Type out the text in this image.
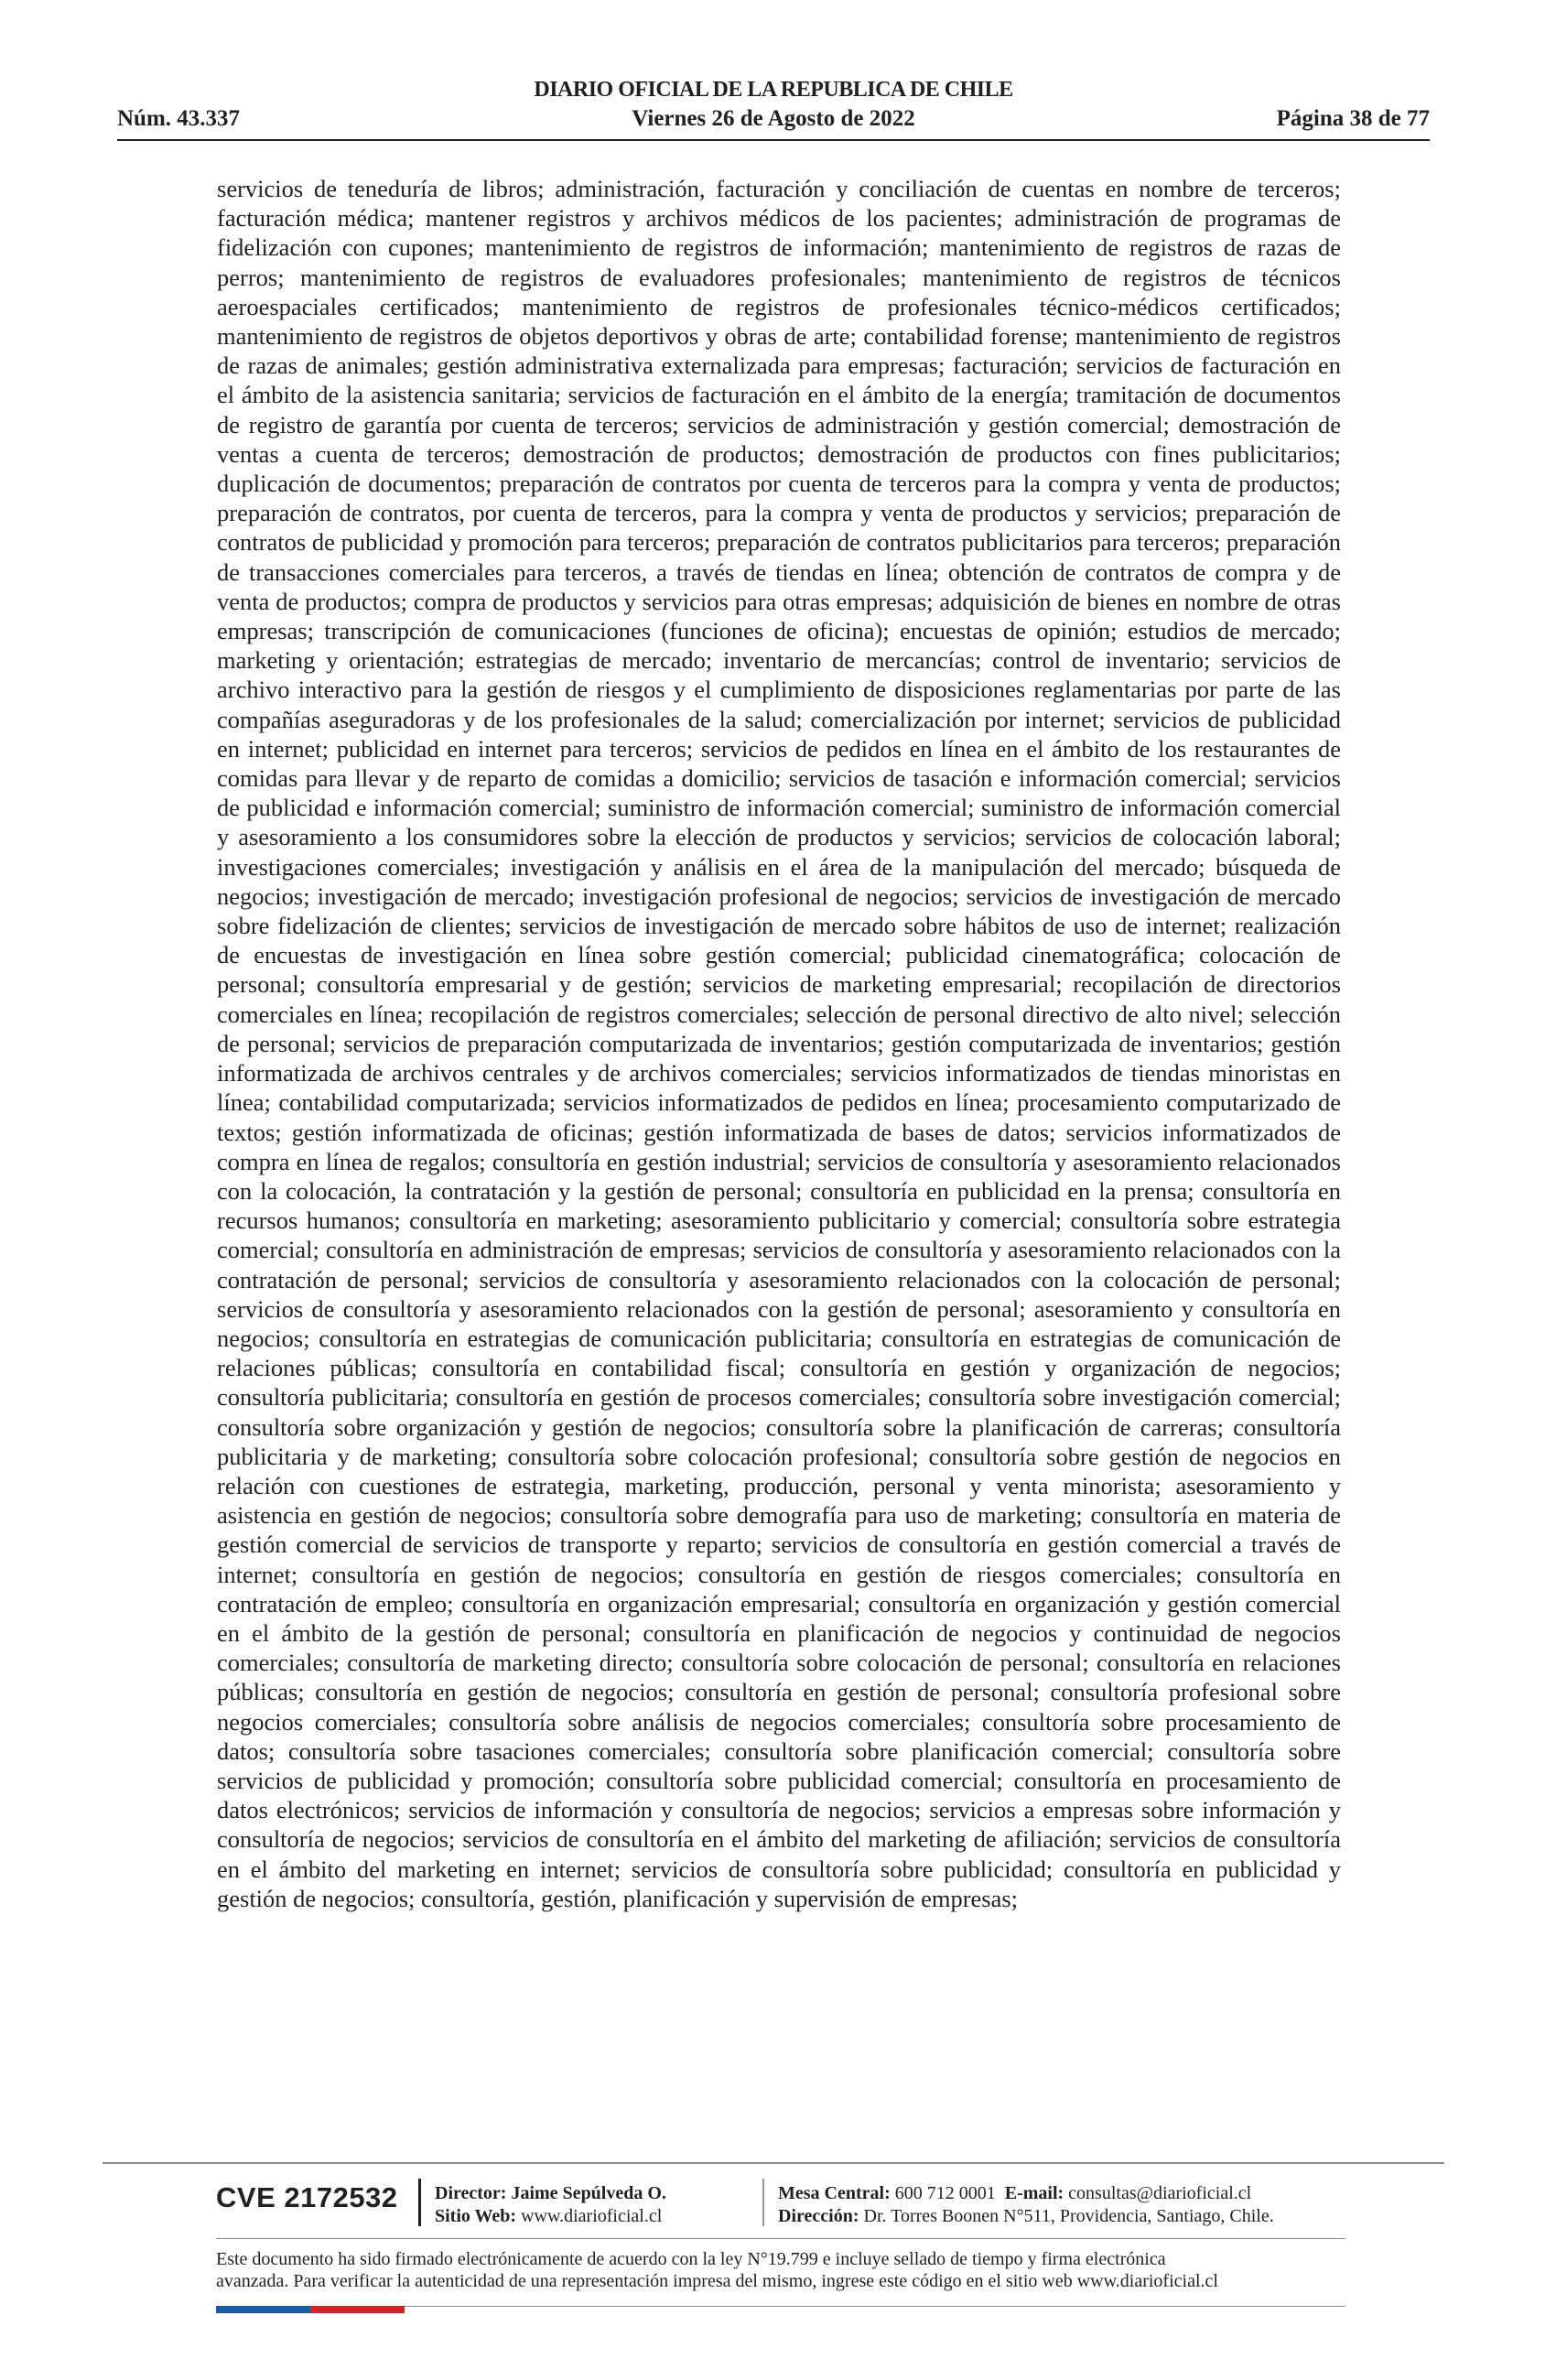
Núm. 43.337
DIARIO OFICIAL DE LA REPUBLICA DE CHILE
Viernes 26 de Agosto de 2022	Página 38 de 77
servicios de teneduría de libros; administración, facturación y conciliación de cuentas en nombre de terceros; facturación médica; mantener registros y archivos médicos de los pacientes; administración de programas de fidelización con cupones; mantenimiento de registros de información; mantenimiento de registros de razas de perros; mantenimiento de registros de evaluadores profesionales; mantenimiento de registros de técnicos aeroespaciales certificados; mantenimiento de registros de profesionales técnico-médicos certificados; mantenimiento de registros de objetos deportivos y obras de arte; contabilidad forense; mantenimiento de registros de razas de animales; gestión administrativa externalizada para empresas; facturación; servicios de facturación en el ámbito de la asistencia sanitaria; servicios de facturación en el ámbito de la energía; tramitación de documentos de registro de garantía por cuenta de terceros; servicios de administración y gestión comercial; demostración de ventas a cuenta de terceros; demostración de productos; demostración de productos con fines publicitarios; duplicación de documentos; preparación de contratos por cuenta de terceros para la compra y venta de productos; preparación de contratos, por cuenta de terceros, para la compra y venta de productos y servicios; preparación de contratos de publicidad y promoción para terceros; preparación de contratos publicitarios para terceros; preparación de transacciones comerciales para terceros, a través de tiendas en línea; obtención de contratos de compra y de venta de productos; compra de productos y servicios para otras empresas; adquisición de bienes en nombre de otras empresas; transcripción de comunicaciones (funciones de oficina); encuestas de opinión; estudios de mercado; marketing y orientación; estrategias de mercado; inventario de mercancías; control de inventario; servicios de archivo interactivo para la gestión de riesgos y el cumplimiento de disposiciones reglamentarias por parte de las compañías aseguradoras y de los profesionales de la salud; comercialización por internet; servicios de publicidad en internet; publicidad en internet para terceros; servicios de pedidos en línea en el ámbito de los restaurantes de comidas para llevar y de reparto de comidas a domicilio; servicios de tasación e información comercial; servicios de publicidad e información comercial; suministro de información comercial; suministro de información comercial y asesoramiento a los consumidores sobre la elección de productos y servicios; servicios de colocación laboral; investigaciones comerciales; investigación y análisis en el área de la manipulación del mercado; búsqueda de negocios; investigación de mercado; investigación profesional de negocios; servicios de investigación de mercado sobre fidelización de clientes; servicios de investigación de mercado sobre hábitos de uso de internet; realización de encuestas de investigación en línea sobre gestión comercial; publicidad cinematográfica; colocación de personal; consultoría empresarial y de gestión; servicios de marketing empresarial; recopilación de directorios comerciales en línea; recopilación de registros comerciales; selección de personal directivo de alto nivel; selección de personal; servicios de preparación computarizada de inventarios; gestión computarizada de inventarios; gestión informatizada de archivos centrales y de archivos comerciales; servicios informatizados de tiendas minoristas en línea; contabilidad computarizada; servicios informatizados de pedidos en línea; procesamiento computarizado de textos; gestión informatizada de oficinas; gestión informatizada de bases de datos; servicios informatizados de compra en línea de regalos; consultoría en gestión industrial; servicios de consultoría y asesoramiento relacionados con la colocación, la contratación y la gestión de personal; consultoría en publicidad en la prensa; consultoría en recursos humanos; consultoría en marketing; asesoramiento publicitario y comercial; consultoría sobre estrategia comercial; consultoría en administración de empresas; servicios de consultoría y asesoramiento relacionados con la contratación de personal; servicios de consultoría y asesoramiento relacionados con la colocación de personal; servicios de consultoría y asesoramiento relacionados con la gestión de personal; asesoramiento y consultoría en negocios; consultoría en estrategias de comunicación publicitaria; consultoría en estrategias de comunicación de relaciones públicas; consultoría en contabilidad fiscal; consultoría en gestión y organización de negocios; consultoría publicitaria; consultoría en gestión de procesos comerciales; consultoría sobre investigación comercial; consultoría sobre organización y gestión de negocios; consultoría sobre la planificación de carreras; consultoría publicitaria y de marketing; consultoría sobre colocación profesional; consultoría sobre gestión de negocios en relación con cuestiones de estrategia, marketing, producción, personal y venta minorista; asesoramiento y asistencia en gestión de negocios; consultoría sobre demografía para uso de marketing; consultoría en materia de gestión comercial de servicios de transporte y reparto; servicios de consultoría en gestión comercial a través de internet; consultoría en gestión de negocios; consultoría en gestión de riesgos comerciales; consultoría en contratación de empleo; consultoría en organización empresarial; consultoría en organización y gestión comercial en el ámbito de la gestión de personal; consultoría en planificación de negocios y continuidad de negocios comerciales; consultoría de marketing directo; consultoría sobre colocación de personal; consultoría en relaciones públicas; consultoría en gestión de negocios; consultoría en gestión de personal; consultoría profesional sobre negocios comerciales; consultoría sobre análisis de negocios comerciales; consultoría sobre procesamiento de datos; consultoría sobre tasaciones comerciales; consultoría sobre planificación comercial; consultoría sobre servicios de publicidad y promoción; consultoría sobre publicidad comercial; consultoría en procesamiento de datos electrónicos; servicios de información y consultoría de negocios; servicios a empresas sobre información y consultoría de negocios; servicios de consultoría en el ámbito del marketing de afiliación; servicios de consultoría en el ámbito del marketing en internet; servicios de consultoría sobre publicidad; consultoría en publicidad y gestión de negocios; consultoría, gestión, planificación y supervisión de empresas;
CVE 2172532 Director: Jaime Sepúlveda O.
Sitio Web: www.diarioficial.cl
Mesa Central: 600 712 0001 E-mail: consultas@diarioficial.cl
Dirección: Dr. Torres Boonen N°511, Providencia, Santiago, Chile.
Este documento ha sido firmado electrónicamente de acuerdo con la ley N°19.799 e incluye sellado de tiempo y firma electrónica
avanzada. Para verificar la autenticidad de una representación impresa del mismo, ingrese este código en el sitio web www.diarioficial.cl
